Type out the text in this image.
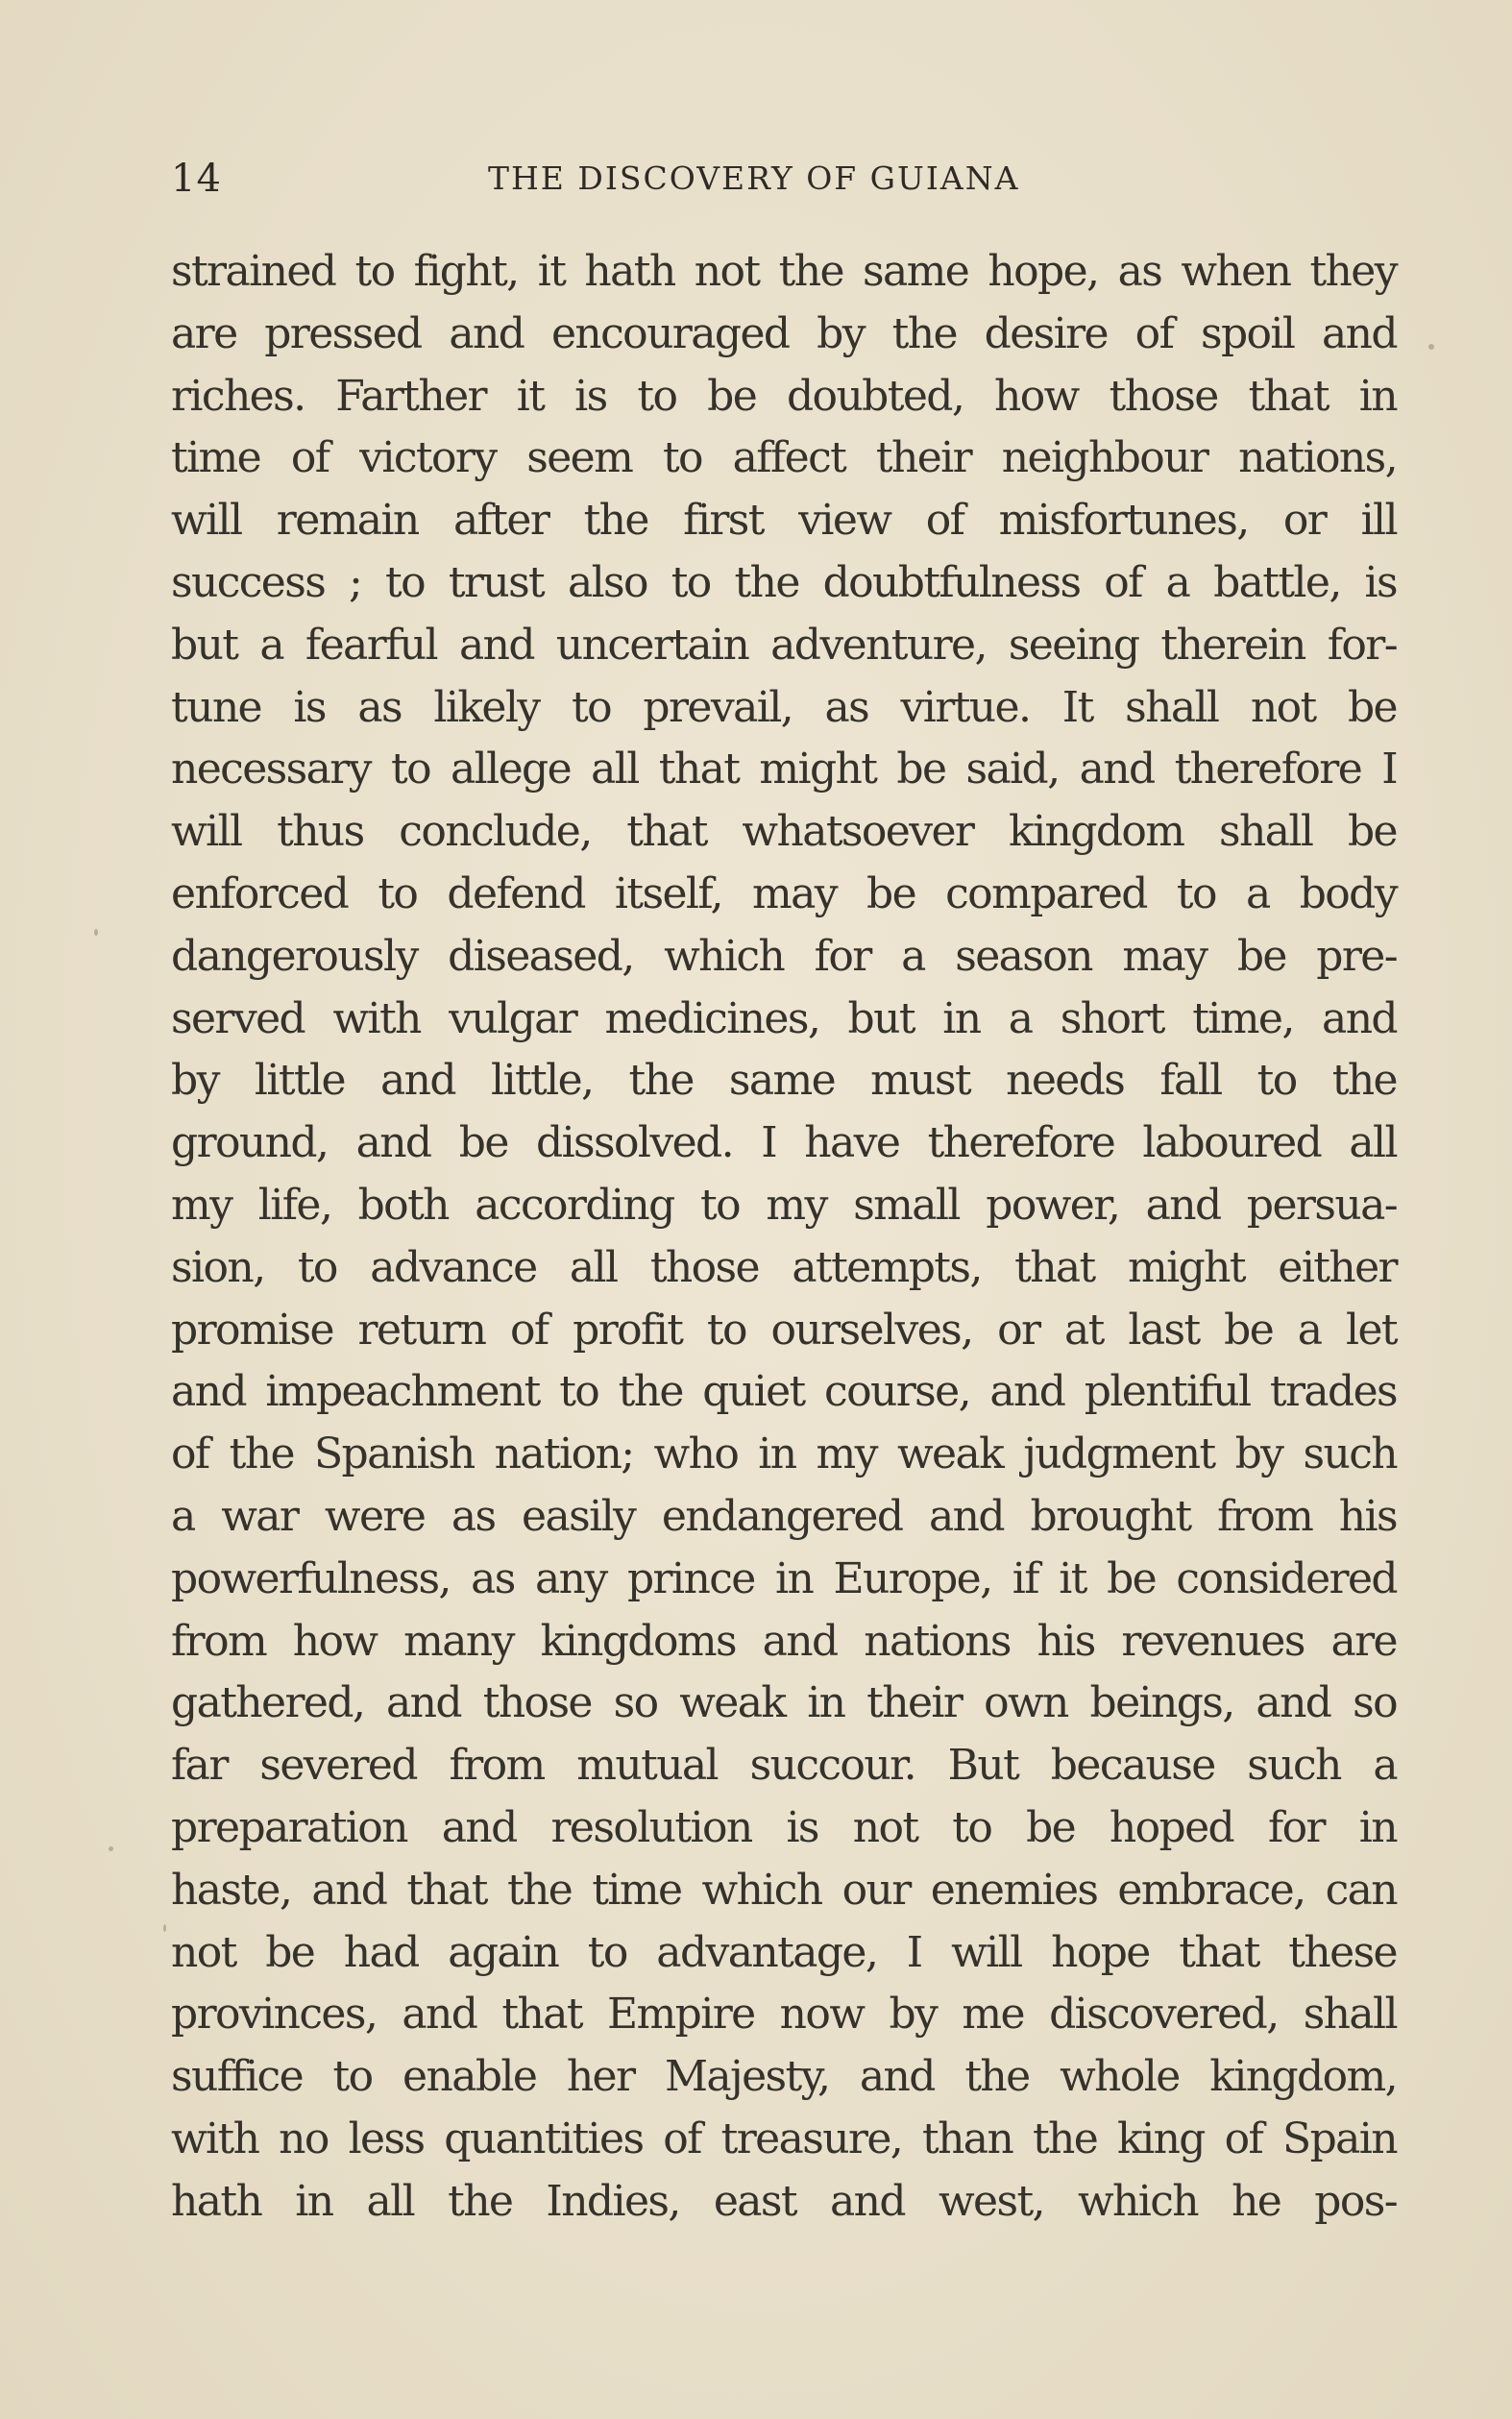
14	THE DISCOVERY OF GUIANA
strained to fight, it hath not the same hope, as when they
are pressed and encouraged by the desire of spoil and
riches. Farther it is to be doubted, how those that in
time of victory seem to affect their neighbour nations,
will remain after the first view of misfortunes, or ill
success ; to trust also to the doubtfulness of a battle, is
but a fearful and uncertain adventure, seeing therein for-
tune is as likely to prevail, as virtue. It shall not be
necessary to allege all that might be said, and therefore I
will thus conclude, that whatsoever kingdom shall be
enforced to defend itself, may be compared to a body
dangerously diseased, which for a season may be pre-
served with vulgar medicines, but in a short time, and
by little and little, the same must needs fall to the
ground, and be dissolved. I have therefore laboured all
my life, both according to my small power, and persua-
sion, to advance all those attempts, that might either
promise return of profit to ourselves, or at last be a let
and impeachment to the quiet course, and plentiful trades
of the Spanish nation; who in my weak judgment by such
a war were as easily endangered and brought from his
powerfulness, as any prince in Europe, if it be considered
from how many kingdoms and nations his revenues are
gathered, and those so weak in their own beings, and so
far severed from mutual succour. But because such a
preparation and resolution is not to be hoped for in
haste, and that the time which our enemies embrace, can
not be had again to advantage, I will hope that these
provinces, and that Empire now by me discovered, shall
suffice to enable her Majesty, and the whole kingdom,
with no less quantities of treasure, than the king of Spain
hath in all the Indies, east and west, which he pos-
